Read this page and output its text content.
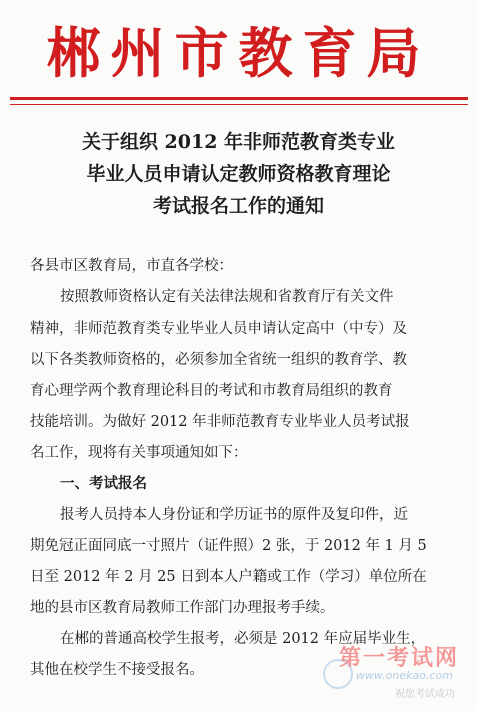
郴州市教育局
关于组织 2012 年非师范教育类专业
毕业人员申请认定教师资格教育理论
考试报名工作的通知
各县市区教育局，市直各学校：
按照教师资格认定有关法律法规和省教育厅有关文件
精神，非师范教育类专业毕业人员申请认定高中（中专）及
以下各类教师资格的，必须参加全省统一组织的教育学、教
育心理学两个教育理论科目的考试和市教育局组织的教育
技能培训。为做好 2012 年非师范教育专业毕业人员考试报
名工作，现将有关事项通知如下：
一、考试报名
报考人员持本人身份证和学历证书的原件及复印件，近
期免冠正面同底一寸照片（证件照）2 张，于 2012 年 1 月 5
日至 2012 年 2 月 25 日到本人户籍或工作（学习）单位所在
地的县市区教育局教师工作部门办理报考手续。
在郴的普通高校学生报考，必须是 2012 年应届毕业生，
其他在校学生不接受报名。	第一考试网
www.onekao.com
祝您考试成功
